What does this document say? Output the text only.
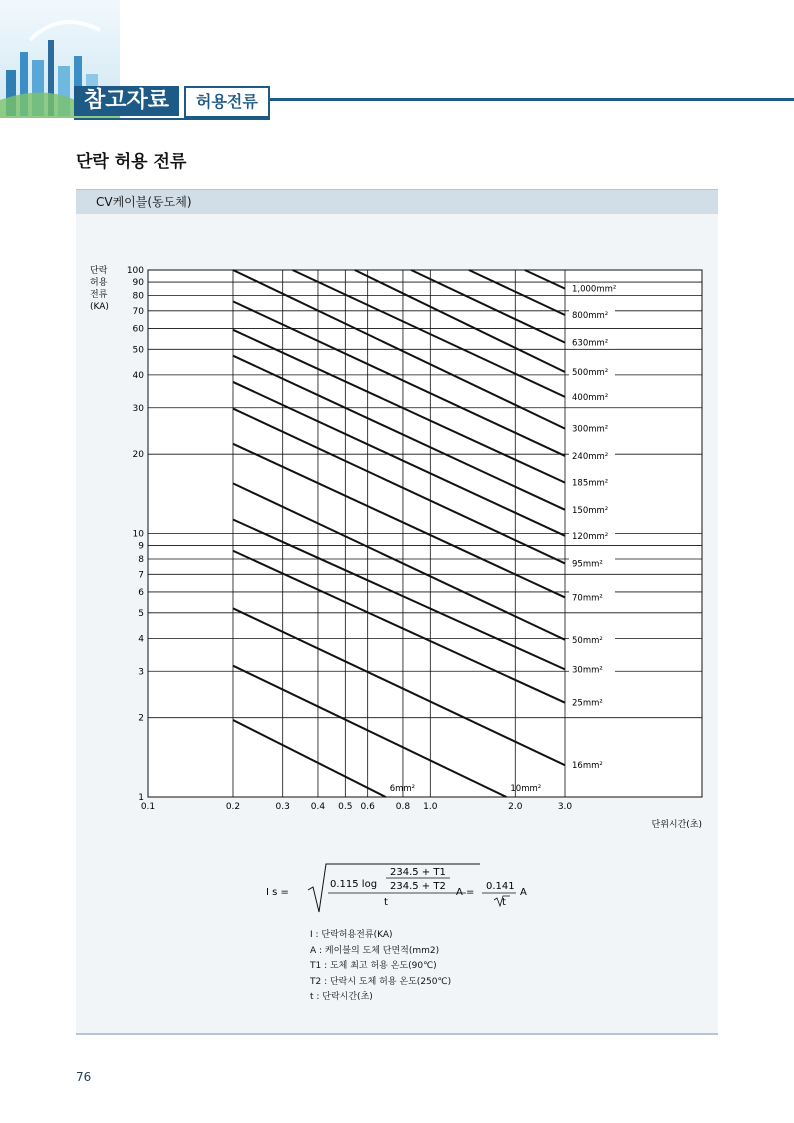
참고자료	허용전류
단락 허용 전류
CV케이블(동도체)
1
2
3
4
5
6
7
8
9
10
20
30
40
50
60
70
80
90
100
0.1	0.2	0.3 0.4 0.5 0.6 0.8 1.0	2.0	3.0
단락
허용
전류
(KA)
단위시간(초)
6mm²	10mm²
16mm²
25mm²
30mm²
50mm²
70mm²
95mm²
120mm²
150mm²
185mm²
240mm²
300mm²
400mm²
500mm²
630mm²
800mm²
1,000mm²
I s =
0.115 log
234.5 + T1
234.5 + T2
t
A =
0.141
t
A
I : 단락허용전류(KA)
A : 케이블의 도체 단면적(mm2)
T1 : 도체 최고 허용 온도(90℃)
T2 : 단락시 도체 허용 온도(250℃)
t : 단락시간(초)
76
